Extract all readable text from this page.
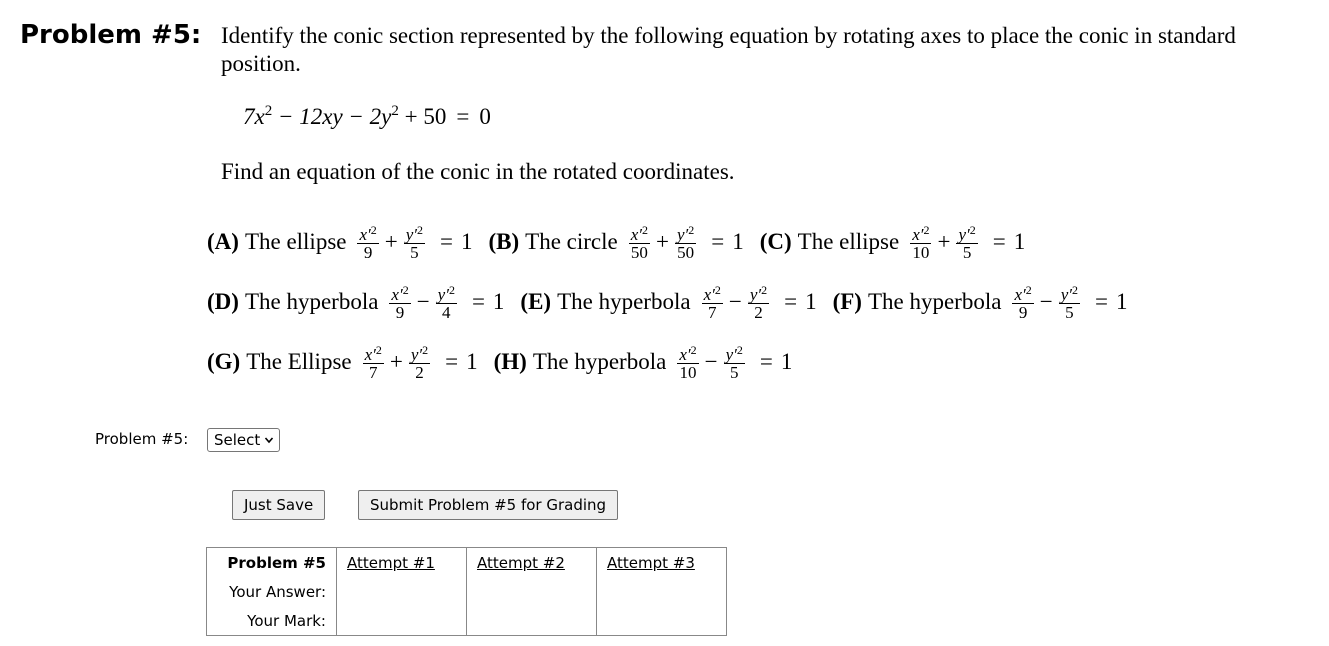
Problem #5: Identify the conic section represented by the following equation by rotating axes to place the conic in standard position.
$7x^2 - 12xy - 2y^2 + 50 = 0$
Find an equation of the conic in the rotated coordinates.
(A) The ellipse $\frac{x'^2}{9} + \frac{y'^2}{5} = 1$ (B) The circle $\frac{x'^2}{50} + \frac{y'^2}{50} = 1$ (C) The ellipse $\frac{x'^2}{10} + \frac{y'^2}{5} = 1$
(D) The hyperbola $\frac{x'^2}{9} - \frac{y'^2}{4} = 1$ (E) The hyperbola $\frac{x'^2}{7} - \frac{y'^2}{2} = 1$ (F) The hyperbola $\frac{x'^2}{9} - \frac{y'^2}{5} = 1$
(G) The Ellipse $\frac{x'^2}{7} + \frac{y'^2}{2} = 1$ (H) The hyperbola $\frac{x'^2}{10} - \frac{y'^2}{5} = 1$
Problem #5: Select
Just Save	Submit Problem #5 for Grading
Problem #5	Attempt #1	Attempt #2	Attempt #3
Your Answer:			
Your Mark:			
